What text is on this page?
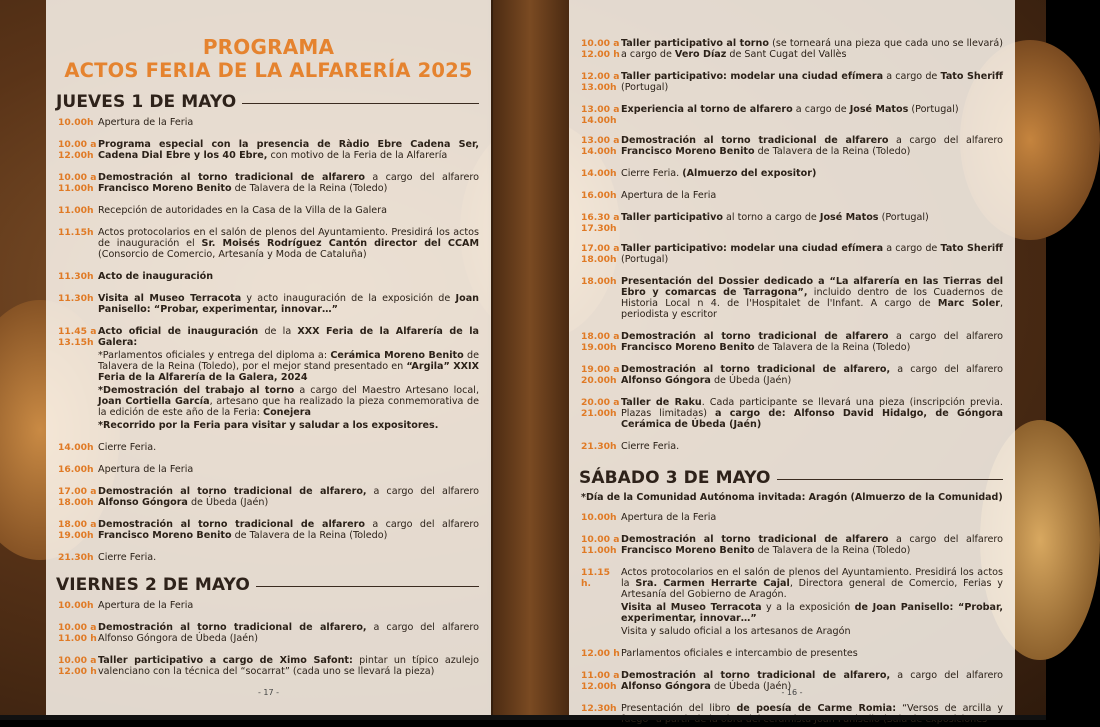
PROGRAMA
ACTOS FERIA DE LA ALFARERÍA 2025
JUEVES 1 DE MAYO
10.00h Apertura de la Feria

10.00 a
12.00h

Programa especial con la presencia de Ràdio Ebre Cadena Ser, Cadena Dial Ebre y los 40 Ebre, con motivo de la Feria de la Alfarería

10.00 a
11.00h

Demostración al torno tradicional de alfarero a cargo del alfarero Francisco Moreno Benito de Talavera de la Reina (Toledo)

11.00h Recepción de autoridades en la Casa de la Villa de la Galera

11.15h Actos protocolarios en el salón de plenos del Ayuntamiento. Presidirá los actos de inauguración el Sr. Moisés Rodríguez Cantón director del CCAM (Consorcio de Comercio, Artesanía y Moda de Cataluña)

11.30h Acto de inauguración

11.30h Visita al Museo Terracota y acto inauguración de la exposición de Joan Panisello: “Probar, experimentar, innovar…”

11.45 a
13.15h

Acto oficial de inauguración de la XXX Feria de la Alfarería de la Galera:

*Parlamentos oficiales y entrega del diploma a: Cerámica Moreno Benito de Talavera de la Reina (Toledo), por el mejor stand presentado en “Argila” XXIX Feria de la Alfarería de la Galera, 2024

*Demostración del trabajo al torno a cargo del Maestro Artesano local, Joan Cortiella García, artesano que ha realizado la pieza conmemorativa de la edición de este año de la Feria: Conejera

*Recorrido por la Feria para visitar y saludar a los expositores.

14.00h Cierre Feria.

16.00h Apertura de la Feria

17.00 a
18.00h

Demostración al torno tradicional de alfarero, a cargo del alfarero Alfonso Góngora de Úbeda (Jaén)

18.00 a
19.00h

Demostración al torno tradicional de alfarero a cargo del alfarero Francisco Moreno Benito de Talavera de la Reina (Toledo)

21.30h Cierre Feria.

VIERNES 2 DE MAYO
10.00h Apertura de la Feria

10.00 a
11.00 h

Demostración al torno tradicional de alfarero, a cargo del alfarero Alfonso Góngora de Úbeda (Jaén)

10.00 a
12.00 h

Taller participativo a cargo de Ximo Safont: pintar un típico azulejo valenciano con la técnica del “socarrat” (cada uno se llevará la pieza)

- 17 -
10.00 a
12.00 h

Taller participativo al torno (se torneará una pieza que cada uno se llevará) a cargo de Vero Díaz de Sant Cugat del Vallès

12.00 a
13.00h

Taller participativo: modelar una ciudad efímera a cargo de Tato Sheriff (Portugal)

13.00 a
14.00h

Experiencia al torno de alfarero a cargo de José Matos (Portugal)

13.00 a
14.00h

Demostración al torno tradicional de alfarero a cargo del alfarero Francisco Moreno Benito de Talavera de la Reina (Toledo)

14.00h Cierre Feria. (Almuerzo del expositor)

16.00h Apertura de la Feria

16.30 a
17.30h

Taller participativo al torno a cargo de José Matos (Portugal)

17.00 a
18.00h

Taller participativo: modelar una ciudad efímera a cargo de Tato Sheriff (Portugal)

18.00h Presentación del Dossier dedicado a “La alfarería en las Tierras del Ebro y comarcas de Tarragona”, incluido dentro de los Cuadernos de Historia Local n 4. de l'Hospitalet de l'Infant. A cargo de Marc Soler, periodista y escritor

18.00 a
19.00h

Demostración al torno tradicional de alfarero a cargo del alfarero Francisco Moreno Benito de Talavera de la Reina (Toledo)

19.00 a
20.00h

Demostración al torno tradicional de alfarero, a cargo del alfarero Alfonso Góngora de Úbeda (Jaén)

20.00 a
21.00h

Taller de Raku. Cada participante se llevará una pieza (inscripción previa. Plazas limitadas) a cargo de: Alfonso David Hidalgo, de Góngora Cerámica de Úbeda (Jaén)

21.30h Cierre Feria.

SÁBADO 3 DE MAYO
*Día de la Comunidad Autónoma invitada: Aragón (Almuerzo de la Comunidad)
10.00h Apertura de la Feria

10.00 a
11.00h

Demostración al torno tradicional de alfarero a cargo del alfarero Francisco Moreno Benito de Talavera de la Reina (Toledo)

11.15 h.

Actos protocolarios en el salón de plenos del Ayuntamiento. Presidirá los actos la Sra. Carmen Herrarte Cajal, Directora general de Comercio, Ferias y Artesanía del Gobierno de Aragón.

Visita al Museo Terracota y a la exposición de Joan Panisello: “Probar, experimentar, innovar…”

Visita y saludo oficial a los artesanos de Aragón

12.00 h Parlamentos oficiales e intercambio de presentes

11.00 a
12.00h

Demostración al torno tradicional de alfarero, a cargo del alfarero Alfonso Góngora de Úbeda (Jaén)

12.30h Presentación del libro de poesía de Carme Romia: “Versos de arcilla y

- 16 -
